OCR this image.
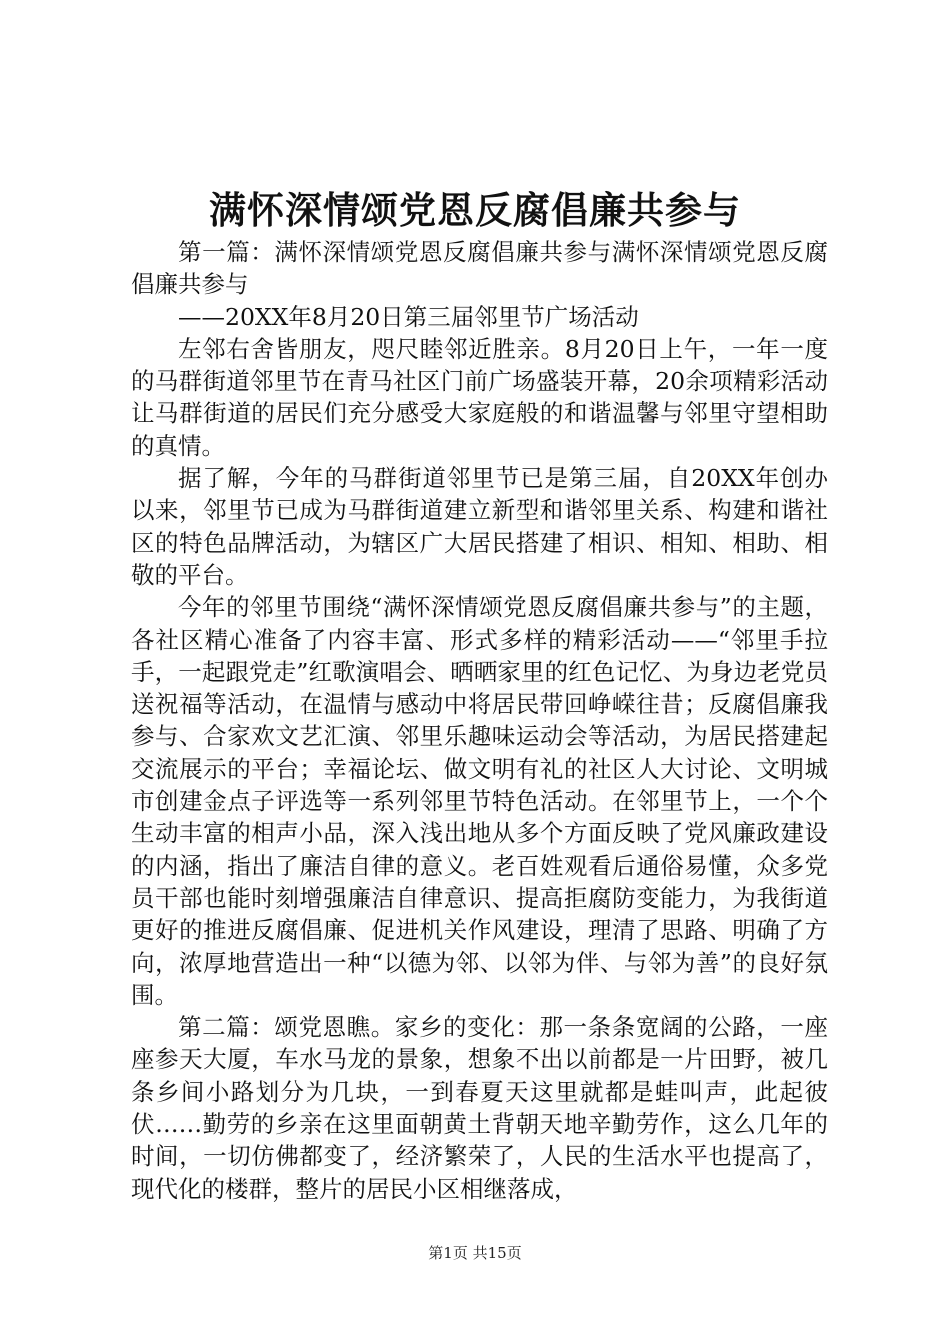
满怀深情颂党恩反腐倡廉共参与

第一篇：满怀深情颂党恩反腐倡廉共参与满怀深情颂党恩反腐倡廉共参与

——20XX年8月20日第三届邻里节广场活动

左邻右舍皆朋友，咫尺睦邻近胜亲。8月20日上午，一年一度的马群街道邻里节在青马社区门前广场盛装开幕，20余项精彩活动让马群街道的居民们充分感受大家庭般的和谐温馨与邻里守望相助的真情。

据了解，今年的马群街道邻里节已是第三届，自20XX年创办以来，邻里节已成为马群街道建立新型和谐邻里关系、构建和谐社区的特色品牌活动，为辖区广大居民搭建了相识、相知、相助、相敬的平台。

今年的邻里节围绕“满怀深情颂党恩反腐倡廉共参与”的主题，各社区精心准备了内容丰富、形式多样的精彩活动——“邻里手拉手，一起跟党走”红歌演唱会、晒晒家里的红色记忆、为身边老党员送祝福等活动，在温情与感动中将居民带回峥嵘往昔；反腐倡廉我参与、合家欢文艺汇演、邻里乐趣味运动会等活动，为居民搭建起交流展示的平台；幸福论坛、做文明有礼的社区人大讨论、文明城市创建金点子评选等一系列邻里节特色活动。在邻里节上，一个个生动丰富的相声小品，深入浅出地从多个方面反映了党风廉政建设的内涵，指出了廉洁自律的意义。老百姓观看后通俗易懂，众多党员干部也能时刻增强廉洁自律意识、提高拒腐防变能力，为我街道更好的推进反腐倡廉、促进机关作风建设，理清了思路、明确了方向，浓厚地营造出一种“以德为邻、以邻为伴、与邻为善”的良好氛围。

第二篇：颂党恩瞧。家乡的变化：那一条条宽阔的公路，一座座参天大厦，车水马龙的景象，想象不出以前都是一片田野，被几条乡间小路划分为几块，一到春夏天这里就都是蛙叫声，此起彼伏……勤劳的乡亲在这里面朝黄土背朝天地辛勤劳作，这么几年的时间，一切仿佛都变了，经济繁荣了，人民的生活水平也提高了，现代化的楼群，整片的居民小区相继落成，

第1页 共15页
